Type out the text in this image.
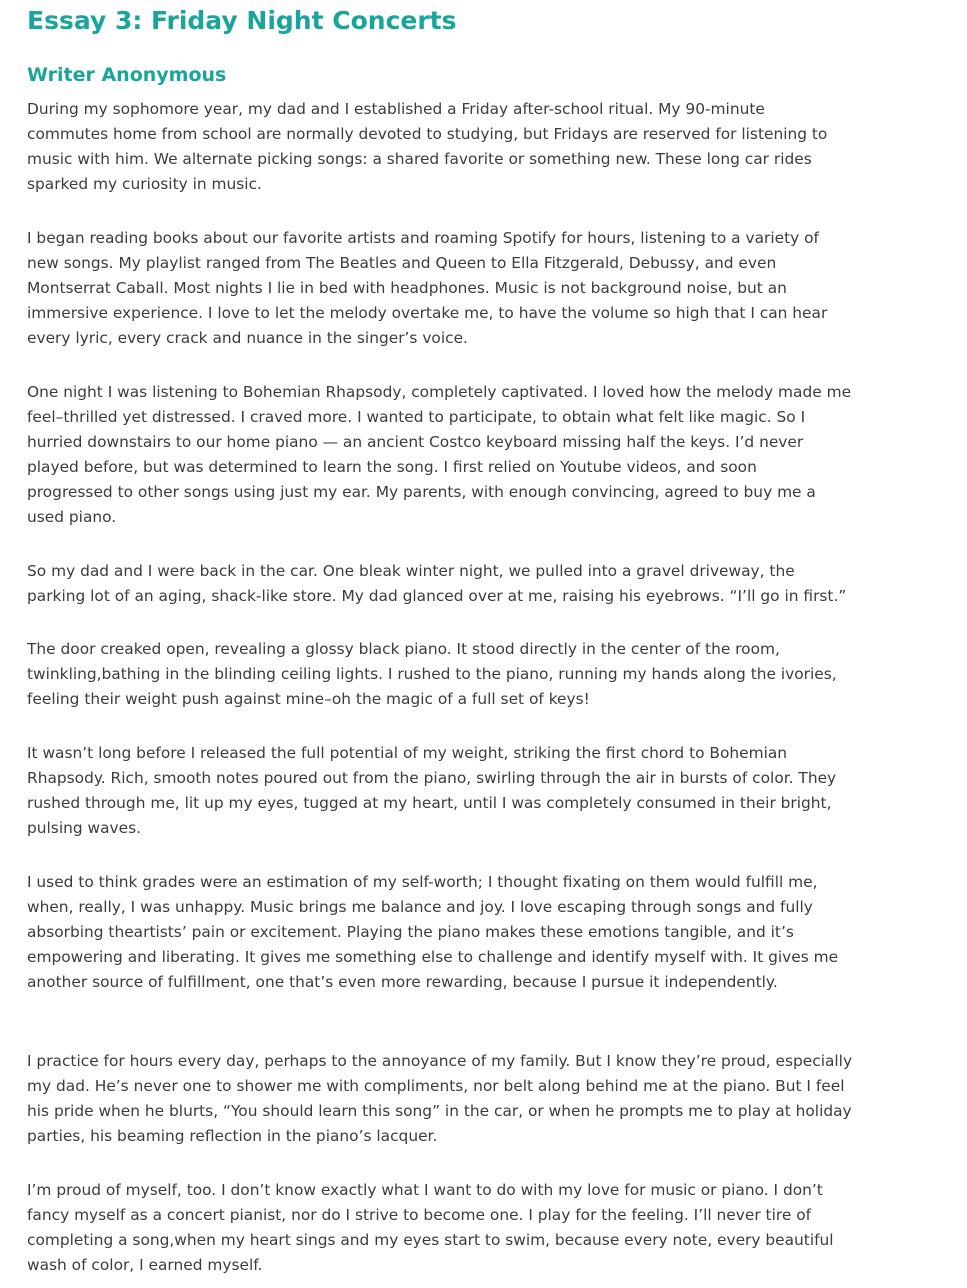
Essay 3: Friday Night Concerts
Writer Anonymous

During my sophomore year, my dad and I established a Friday after-school ritual. My 90-minute
commutes home from school are normally devoted to studying, but Fridays are reserved for listening to
music with him. We alternate picking songs: a shared favorite or something new. These long car rides
sparked my curiosity in music.

I began reading books about our favorite artists and roaming Spotify for hours, listening to a variety of
new songs. My playlist ranged from The Beatles and Queen to Ella Fitzgerald, Debussy, and even
Montserrat Caball. Most nights I lie in bed with headphones. Music is not background noise, but an
immersive experience. I love to let the melody overtake me, to have the volume so high that I can hear
every lyric, every crack and nuance in the singer’s voice.

One night I was listening to Bohemian Rhapsody, completely captivated. I loved how the melody made me
feel–thrilled yet distressed. I craved more. I wanted to participate, to obtain what felt like magic. So I
hurried downstairs to our home piano — an ancient Costco keyboard missing half the keys. I’d never
played before, but was determined to learn the song. I first relied on Youtube videos, and soon
progressed to other songs using just my ear. My parents, with enough convincing, agreed to buy me a
used piano.

So my dad and I were back in the car. One bleak winter night, we pulled into a gravel driveway, the
parking lot of an aging, shack-like store. My dad glanced over at me, raising his eyebrows. “I’ll go in first.”

The door creaked open, revealing a glossy black piano. It stood directly in the center of the room,
twinkling,bathing in the blinding ceiling lights. I rushed to the piano, running my hands along the ivories,
feeling their weight push against mine–oh the magic of a full set of keys!

It wasn’t long before I released the full potential of my weight, striking the first chord to Bohemian
Rhapsody. Rich, smooth notes poured out from the piano, swirling through the air in bursts of color. They
rushed through me, lit up my eyes, tugged at my heart, until I was completely consumed in their bright,
pulsing waves.

I used to think grades were an estimation of my self-worth; I thought fixating on them would fulfill me,
when, really, I was unhappy. Music brings me balance and joy. I love escaping through songs and fully
absorbing theartists’ pain or excitement. Playing the piano makes these emotions tangible, and it’s
empowering and liberating. It gives me something else to challenge and identify myself with. It gives me
another source of fulfillment, one that’s even more rewarding, because I pursue it independently.

I practice for hours every day, perhaps to the annoyance of my family. But I know they’re proud, especially
my dad. He’s never one to shower me with compliments, nor belt along behind me at the piano. But I feel
his pride when he blurts, “You should learn this song” in the car, or when he prompts me to play at holiday
parties, his beaming reflection in the piano’s lacquer.

I’m proud of myself, too. I don’t know exactly what I want to do with my love for music or piano. I don’t
fancy myself as a concert pianist, nor do I strive to become one. I play for the feeling. I’ll never tire of
completing a song,when my heart sings and my eyes start to swim, because every note, every beautiful
wash of color, I earned myself.
